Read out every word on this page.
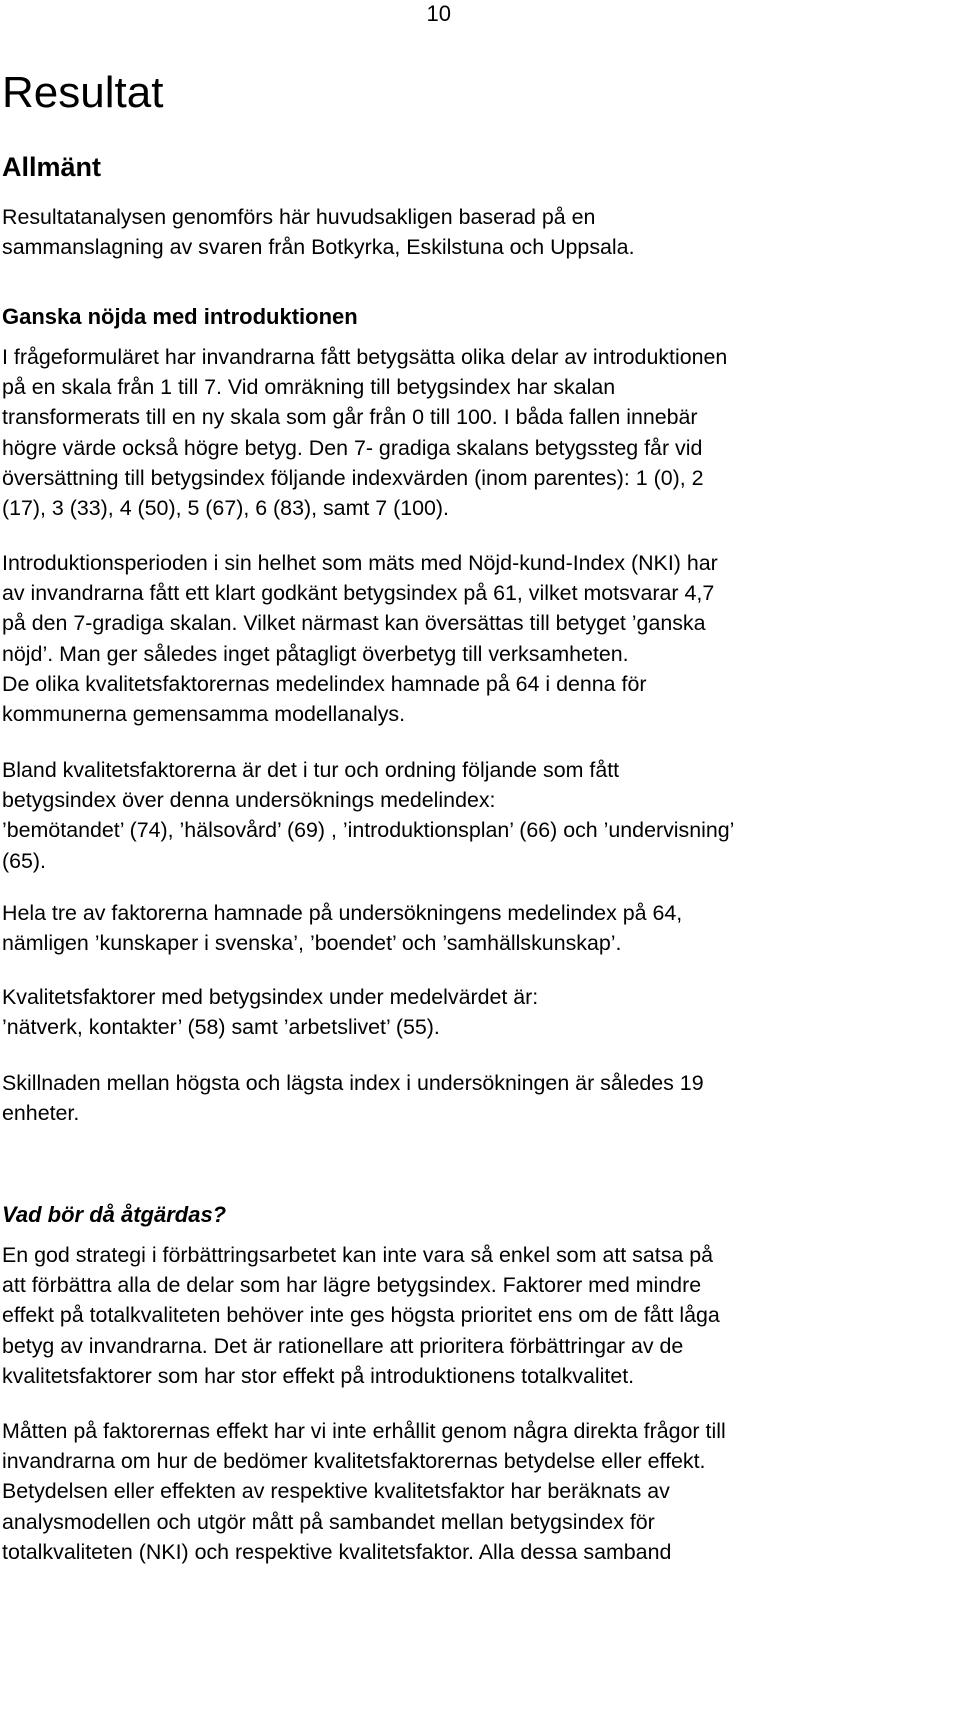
10
Resultat
Allmänt

Resultatanalysen genomförs här huvudsakligen baserad på en
sammanslagning av svaren från Botkyrka, Eskilstuna och Uppsala.

Ganska nöjda med introduktionen

I frågeformuläret har invandrarna fått betygsätta olika delar av introduktionen
på en skala från 1 till 7. Vid omräkning till betygsindex har skalan
transformerats till en ny skala som går från 0 till 100. I båda fallen innebär
högre värde också högre betyg. Den 7- gradiga skalans betygssteg får vid
översättning till betygsindex följande indexvärden (inom parentes): 1 (0), 2
(17), 3 (33), 4 (50), 5 (67), 6 (83), samt 7 (100).

Introduktionsperioden i sin helhet som mäts med Nöjd-kund-Index (NKI) har
av invandrarna fått ett klart godkänt betygsindex på 61, vilket motsvarar 4,7
på den 7-gradiga skalan. Vilket närmast kan översättas till betyget ’ganska
nöjd’. Man ger således inget påtagligt överbetyg till verksamheten.
De olika kvalitetsfaktorernas medelindex hamnade på 64 i denna för
kommunerna gemensamma modellanalys.

Bland kvalitetsfaktorerna är det i tur och ordning följande som fått
betygsindex över denna undersöknings medelindex:
’bemötandet’ (74), ’hälsovård’ (69) , ’introduktionsplan’ (66) och ’undervisning’
(65).

Hela tre av faktorerna hamnade på undersökningens medelindex på 64,
nämligen ’kunskaper i svenska’, ’boendet’ och ’samhällskunskap’.

Kvalitetsfaktorer med betygsindex under medelvärdet är:
’nätverk, kontakter’ (58) samt ’arbetslivet’ (55).

Skillnaden mellan högsta och lägsta index i undersökningen är således 19
enheter.

Vad bör då åtgärdas?

En god strategi i förbättringsarbetet kan inte vara så enkel som att satsa på
att förbättra alla de delar som har lägre betygsindex. Faktorer med mindre
effekt på totalkvaliteten behöver inte ges högsta prioritet ens om de fått låga
betyg av invandrarna. Det är rationellare att prioritera förbättringar av de
kvalitetsfaktorer som har stor effekt på introduktionens totalkvalitet.

Måtten på faktorernas effekt har vi inte erhållit genom några direkta frågor till
invandrarna om hur de bedömer kvalitetsfaktorernas betydelse eller effekt.
Betydelsen eller effekten av respektive kvalitetsfaktor har beräknats av
analysmodellen och utgör mått på sambandet mellan betygsindex för
totalkvaliteten (NKI) och respektive kvalitetsfaktor. Alla dessa samband
